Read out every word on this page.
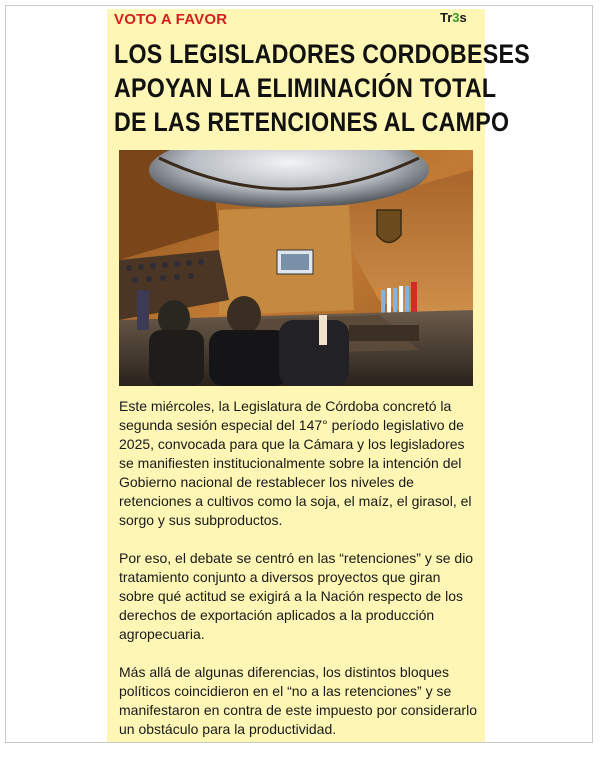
VOTO A FAVOR	Tr3s
LOS LEGISLADORES CORDOBESES
APOYAN LA ELIMINACIÓN TOTAL
DE LAS RETENCIONES AL CAMPO

Este miércoles, la Legislatura de Córdoba concretó la segunda sesión especial del 147° período legislativo de 2025, convocada para que la Cámara y los legisladores se manifiesten institucionalmente sobre la intención del Gobierno nacional de restablecer los niveles de retenciones a cultivos como la soja, el maíz, el girasol, el sorgo y sus subproductos.

Por eso, el debate se centró en las “retenciones” y se dio tratamiento conjunto a diversos proyectos que giran sobre qué actitud se exigirá a la Nación respecto de los derechos de exportación aplicados a la producción agropecuaria.

Más allá de algunas diferencias, los distintos bloques políticos coincidieron en el “no a las retenciones” y se manifestaron en contra de este impuesto por considerarlo un obstáculo para la productividad.
